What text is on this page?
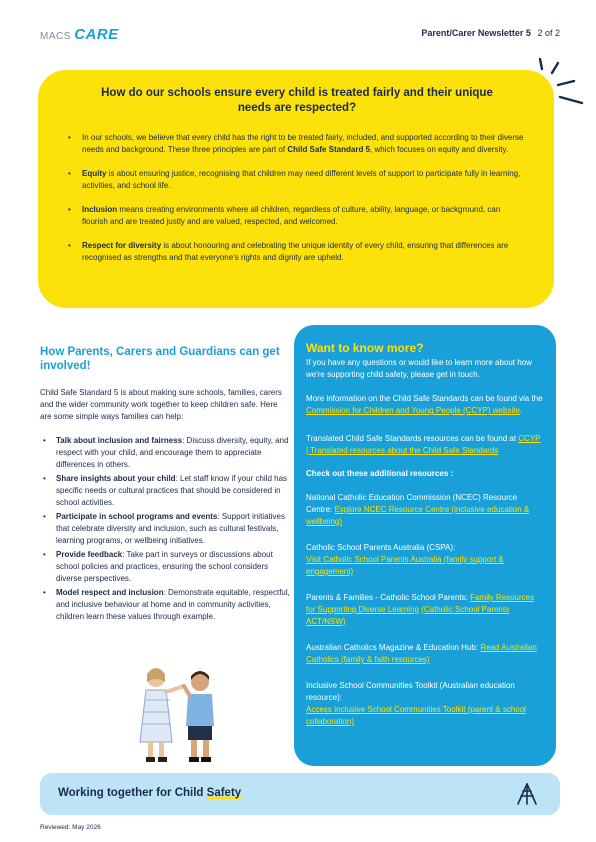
MACS CARE	Parent/Carer Newsletter 5 2 of 2
How do our schools ensure every child is treated fairly and their unique
needs are respected?
• In our schools, we believe that every child has the right to be treated fairly, included, and supported according to their diverse needs and background. These three principles are part of Child Safe Standard 5, which focuses on equity and diversity.
• Equity is about ensuring justice, recognising that children may need different levels of support to participate fully in learning, activities, and school life.
• Inclusion means creating environments where all children, regardless of culture, ability, language, or background, can flourish and are treated justly and are valued, respected, and welcomed.
• Respect for diversity is about honouring and celebrating the unique identity of every child, ensuring that differences are recognised as strengths and that everyone's rights and dignity are upheld.
How Parents, Carers and Guardians can get involved!
Child Safe Standard 5 is about making sure schools, families, carers and the wider community work together to keep children safe. Here are some simple ways families can help:
• Talk about inclusion and fairness: Discuss diversity, equity, and respect with your child, and encourage them to appreciate differences in others.
• Share insights about your child: Let staff know if your child has specific needs or cultural practices that should be considered in school activities.
• Participate in school programs and events: Support initiatives that celebrate diversity and inclusion, such as cultural festivals, learning programs, or wellbeing initiatives.
• Provide feedback: Take part in surveys or discussions about school policies and practices, ensuring the school considers diverse perspectives.
• Model respect and inclusion: Demonstrate equitable, respectful, and inclusive behaviour at home and in community activities, children learn these values through example.
Want to know more?

If you have any questions or would like to learn more about how we're supporting child safety, please get in touch.

More information on the Child Safe Standards can be found via the Commission for Children and Young People (CCYP) website.

Translated Child Safe Standards resources can be found at CCYP | Translated resources about the Child Safe Standards

Check out these additional resources :

National Catholic Education Commission (NCEC) Resource Centre: Explore NCEC Resource Centre (inclusive education & wellbeing)

Catholic School Parents Australia (CSPA):
Visit Catholic School Parents Australia (family support & engagement)

Parents & Families - Catholic School Parents: Family Resources for Supporting Diverse Learning (Catholic School Parents ACT/NSW)

Australian Catholics Magazine & Education Hub: Read Australian Catholics (family & faith resources)

Inclusive School Communities Toolkit (Australian education resource):
Access Inclusive School Communities Toolkit (parent & school collaboration)

Working together for Child Safety
Reviewed: May 2026
